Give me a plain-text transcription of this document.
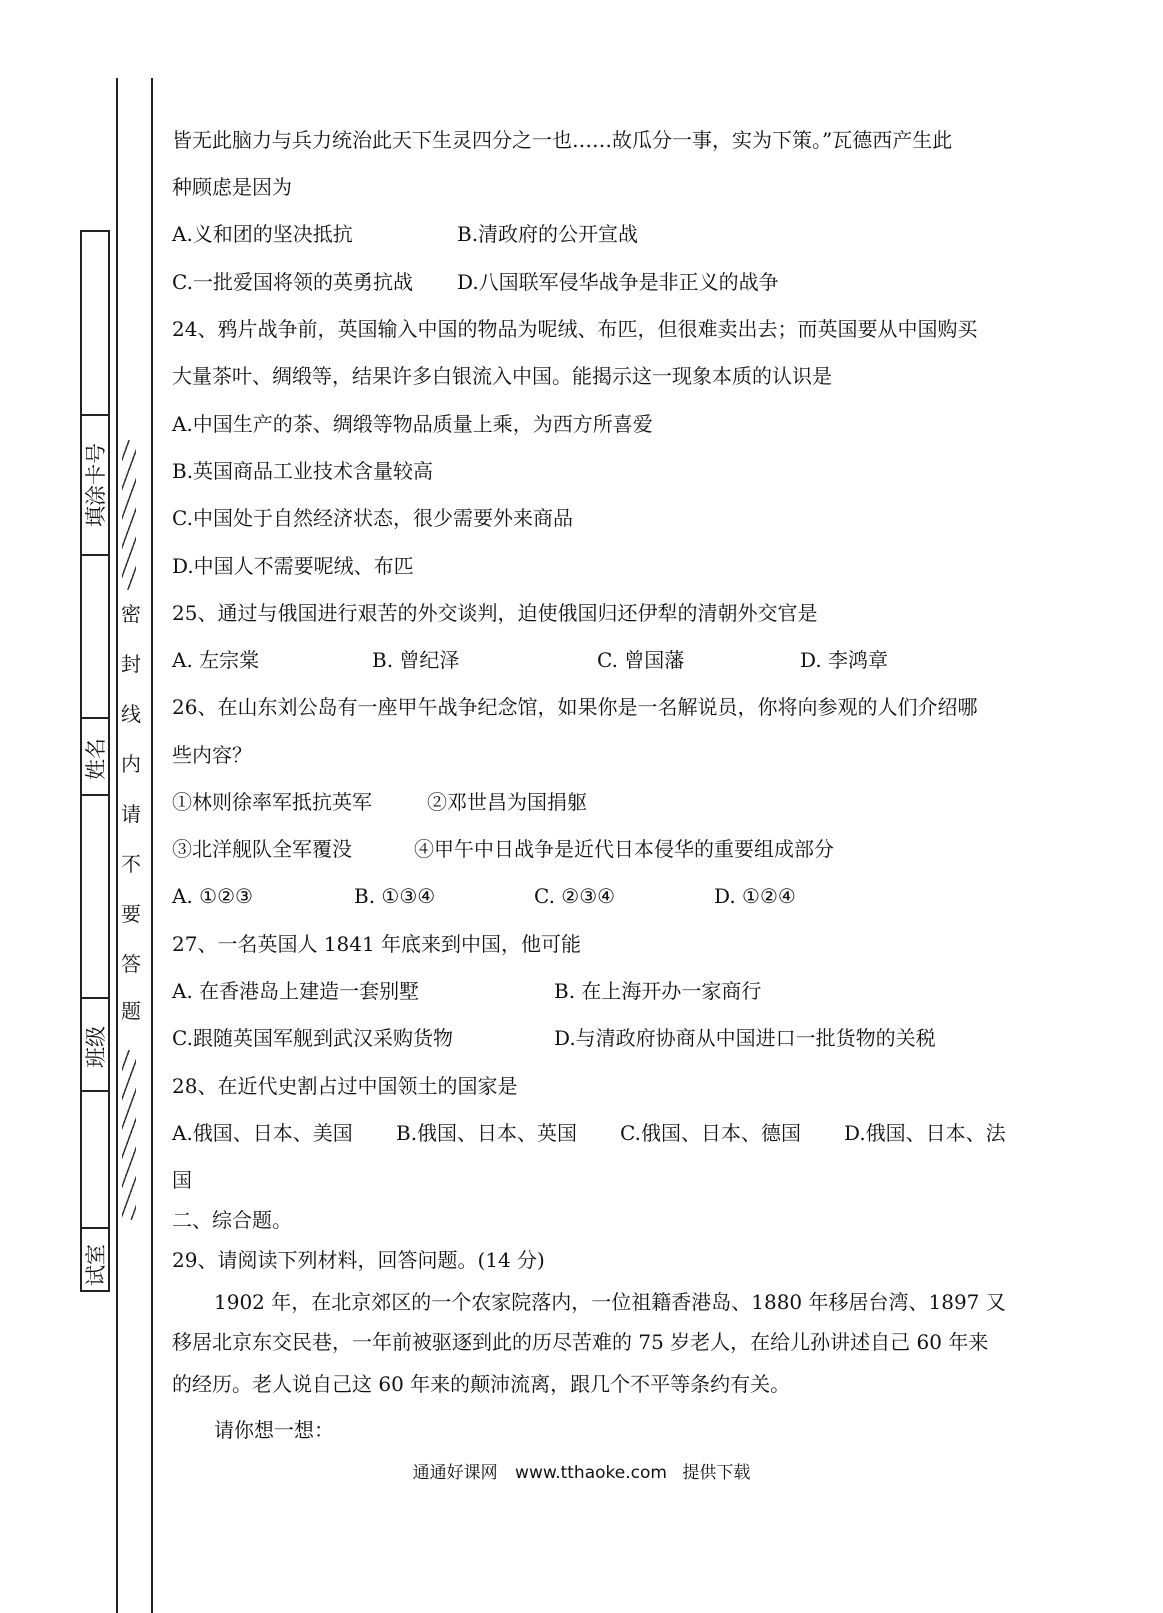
填涂卡号
姓名
班级
试室
密
封
线
内
请
不
要
答
题
皆无此脑力与兵力统治此天下生灵四分之一也……故瓜分一事，实为下策。”瓦德西产生此
种顾虑是因为
A.义和团的坚决抵抗	B.清政府的公开宣战
C.一批爱国将领的英勇抗战 D.八国联军侵华战争是非正义的战争
24、鸦片战争前，英国输入中国的物品为呢绒、布匹，但很难卖出去；而英国要从中国购买
大量茶叶、绸缎等，结果许多白银流入中国。能揭示这一现象本质的认识是
A.中国生产的茶、绸缎等物品质量上乘，为西方所喜爱
B.英国商品工业技术含量较高
C.中国处于自然经济状态，很少需要外来商品
D.中国人不需要呢绒、布匹
25、通过与俄国进行艰苦的外交谈判，迫使俄国归还伊犁的清朝外交官是
A. 左宗棠	B. 曾纪泽	C. 曾国藩	D. 李鸿章
26、在山东刘公岛有一座甲午战争纪念馆，如果你是一名解说员，你将向参观的人们介绍哪
些内容？
①林则徐率军抵抗英军	②邓世昌为国捐躯
③北洋舰队全军覆没	④甲午中日战争是近代日本侵华的重要组成部分
A. ①②③	B. ①③④	C. ②③④	D. ①②④
27、一名英国人 1841 年底来到中国，他可能
A. 在香港岛上建造一套别墅	B. 在上海开办一家商行
C.跟随英国军舰到武汉采购货物	D.与清政府协商从中国进口一批货物的关税
28、在近代史割占过中国领土的国家是
A.俄国、日本、美国 B.俄国、日本、英国 C.俄国、日本、德国 D.俄国、日本、法
国
二、综合题。
29、请阅读下列材料，回答问题。(14 分)
1902 年，在北京郊区的一个农家院落内，一位祖籍香港岛、1880 年移居台湾、1897 又
移居北京东交民巷，一年前被驱逐到此的历尽苦难的 75 岁老人，在给儿孙讲述自己 60 年来
的经历。老人说自己这 60 年来的颠沛流离，跟几个不平等条约有关。
请你想一想：
通通好课网 www.tthaoke.com 提供下载
